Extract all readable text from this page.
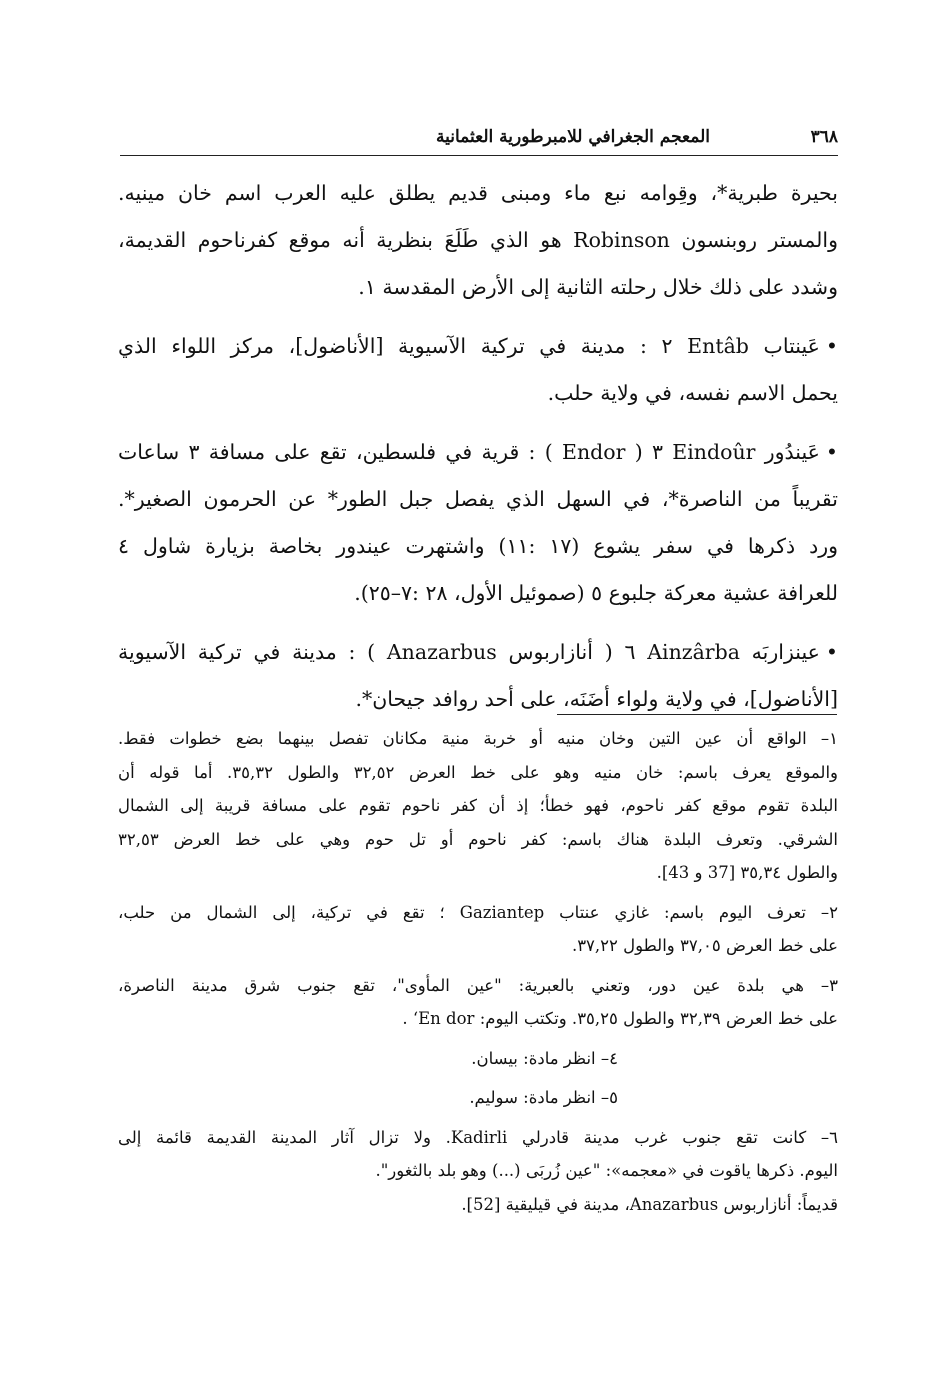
٣٦٨
المعجم الجغرافي للامبرطورية العثمانية
بحيرة طبرية*، وقِوامه نبع ماء ومبنى قديم يطلق عليه العرب اسم خان مينيه.
والمستر روبنسون Robinson هو الذي طَلَعَ بنظرية أنه موقع كفرناحوم القديمة،
وشدد على ذلك خلال رحلته الثانية إلى الأرض المقدسة ١.
• عَينتاب Entâb ٢ : مدينة في تركية الآسيوية [الأناضول]، مركز اللواء الذي
يحمل الاسم نفسه، في ولاية حلب.
• عَيندُور Eindoûr ٣ ( Endor ) : قرية في فلسطين، تقع على مسافة ٣ ساعات
تقريباً من الناصرة*، في السهل الذي يفصل جبل الطور* عن الحرمون الصغير*.
ورد ذكرها في سفر يشوع (١٧ :١١) واشتهرت عيندور بخاصة بزيارة شاول ٤
للعرافة عشية معركة جلبوع ٥ (صموئيل الأول، ٢٨ :٧–٢٥).
• عينزاربَه Ainzârba ٦ ( أنازاربوس Anazarbus ) : مدينة في تركية الآسيوية
[الأناضول]، في ولاية ولواء أضَنَه، على أحد روافد جيحان*.
١– الواقع أن عين التين وخان منيه أو خربة منية مكانان تفصل بينهما بضع خطوات فقط.
والموقع يعرف باسم: خان منيه وهو على خط العرض ٣٢,٥٢ والطول ٣٥,٣٢. أما قوله أن
البلدة تقوم موقع كفر ناحوم، فهو خطأ؛ إذ أن كفر ناحوم تقوم على مسافة قريبة إلى الشمال
الشرقي. وتعرف البلدة هناك باسم: كفر ناحوم أو تل حوم وهي على خط العرض ٣٢,٥٣
والطول ٣٥,٣٤ [37 و 43].
٢– تعرف اليوم باسم: غازي عنتاب Gaziantep ؛ تقع في تركية، إلى الشمال من حلب،
على خط العرض ٣٧,٠٥ والطول ٣٧,٢٢.
٣– هي بلدة عين دور، وتعني بالعبرية: "عين المأوى"، تقع جنوب شرق مدينة الناصرة،
على خط العرض ٣٢,٣٩ والطول ٣٥,٢٥. وتكتب اليوم: En dor‘ .
٤– انظر مادة: بيسان.
٥– انظر مادة: سوليم.
٦– كانت تقع جنوب غرب مدينة قادرلي Kadirli. ولا تزال آثار المدينة القديمة قائمة إلى
اليوم. ذكرها ياقوت في «معجمه»: "عين زُربَى (...) وهو بلد بالثغور".
قديماً: أنازاربوس Anazarbus، مدينة في قيليقية [52].
